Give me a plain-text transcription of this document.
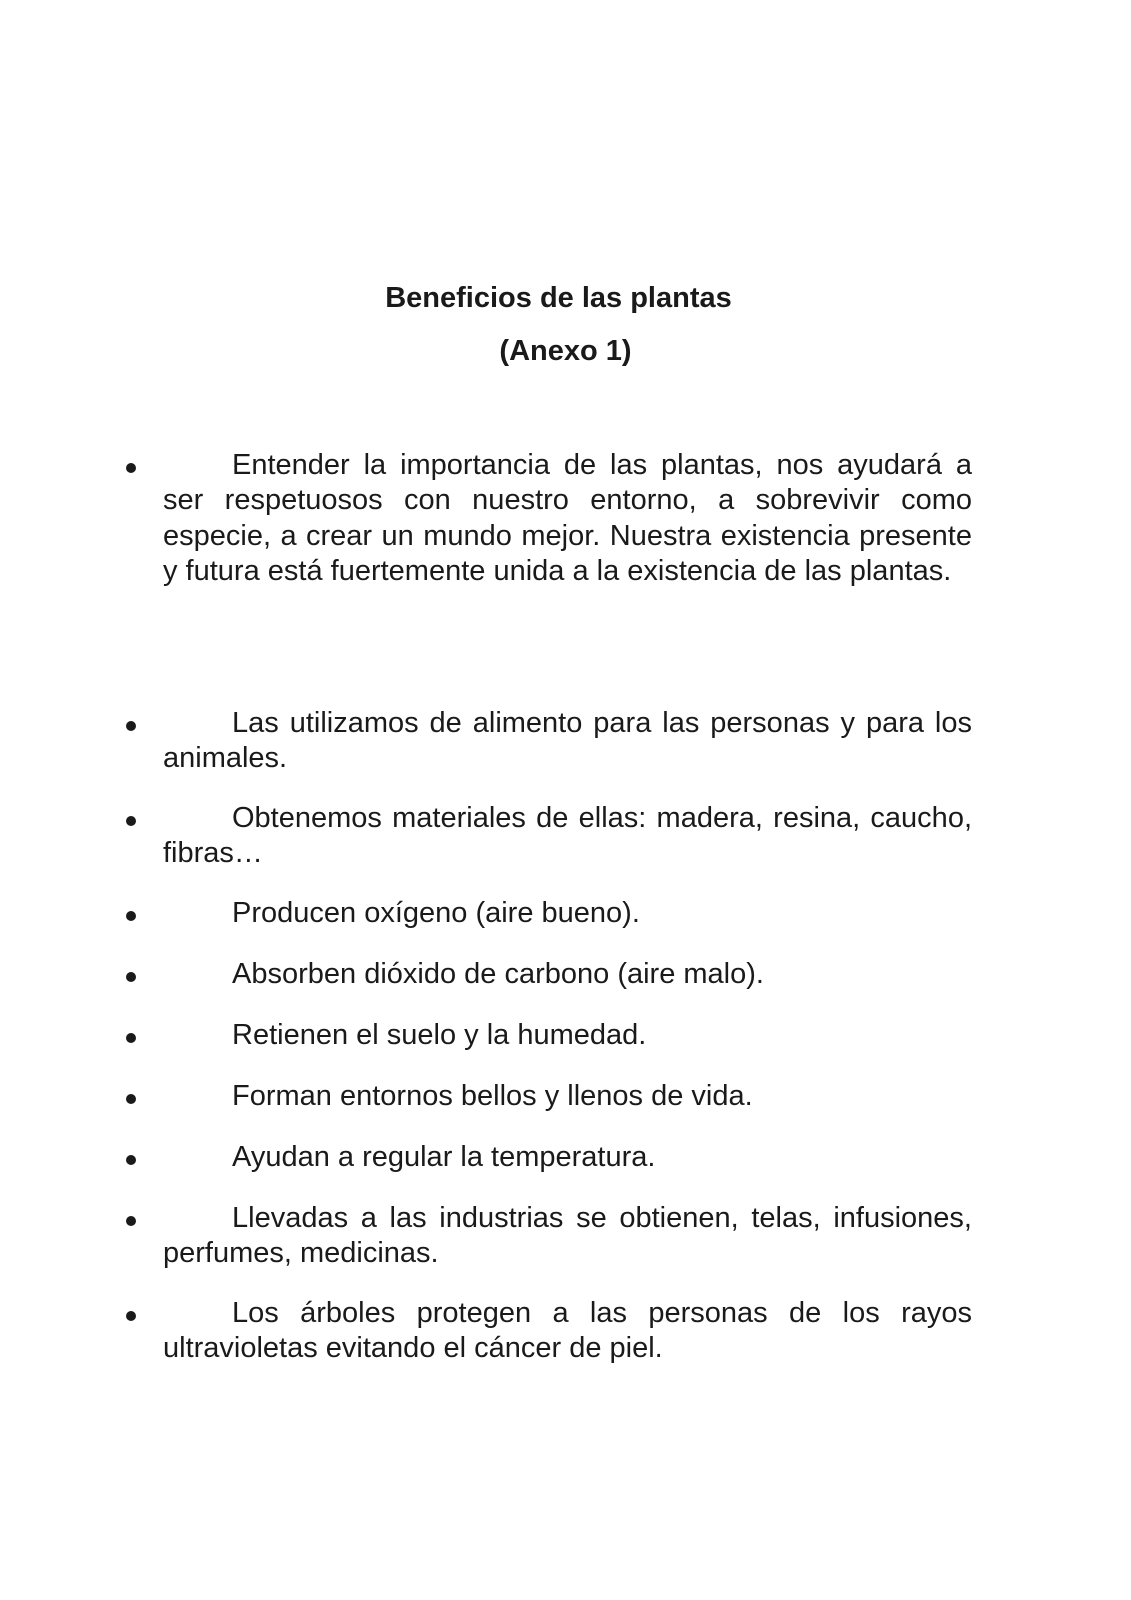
Beneficios de las plantas
(Anexo 1)
Entender la importancia de las plantas, nos ayudará a ser respetuosos con nuestro entorno, a sobrevivir como especie, a crear un mundo mejor. Nuestra existencia presente y futura está fuertemente unida a la existencia de las plantas.
Las utilizamos de alimento para las personas y para los animales.
Obtenemos materiales de ellas: madera, resina, caucho, fibras…
Producen oxígeno (aire bueno).
Absorben dióxido de carbono (aire malo).
Retienen el suelo y la humedad.
Forman entornos bellos y llenos de vida.
Ayudan a regular la temperatura.
Llevadas a las industrias se obtienen, telas, infusiones, perfumes, medicinas.
Los árboles protegen a las personas de los rayos ultravioletas evitando el cáncer de piel.
